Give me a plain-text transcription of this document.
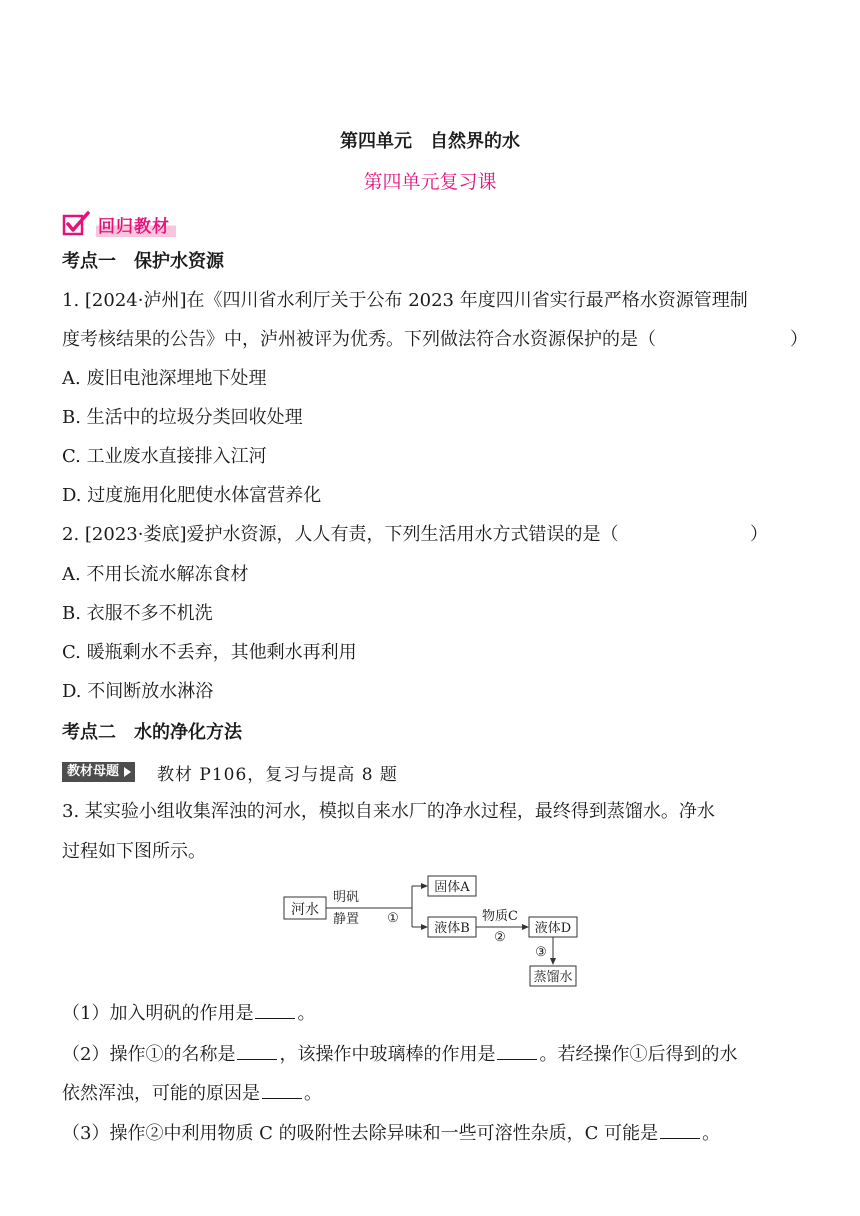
第四单元　自然界的水
第四单元复习课
回归教材
考点一　保护水资源
1. [2024·泸州]在《四川省水利厅关于公布 2023 年度四川省实行最严格水资源管理制
度考核结果的公告》中，泸州被评为优秀。下列做法符合水资源保护的是（	）
A. 废旧电池深埋地下处理
B. 生活中的垃圾分类回收处理
C. 工业废水直接排入江河
D. 过度施用化肥使水体富营养化
2. [2023·娄底]爱护水资源，人人有责，下列生活用水方式错误的是（	）
A. 不用长流水解冻食材
B. 衣服不多不机洗
C. 暖瓶剩水不丢弃，其他剩水再利用
D. 不间断放水淋浴
考点二　水的净化方法
教材母题 教材 P106，复习与提高 8 题
3. 某实验小组收集浑浊的河水，模拟自来水厂的净水过程，最终得到蒸馏水。净水
过程如下图所示。
河水
明矾
静置 ①
固体A
液体B
物质C
②
液体D
③
蒸馏水
（1）加入明矾的作用是 。
（2）操作①的名称是 ，该操作中玻璃棒的作用是 。若经操作①后得到的水
依然浑浊，可能的原因是 。
（3）操作②中利用物质 C 的吸附性去除异味和一些可溶性杂质，C 可能是 。
